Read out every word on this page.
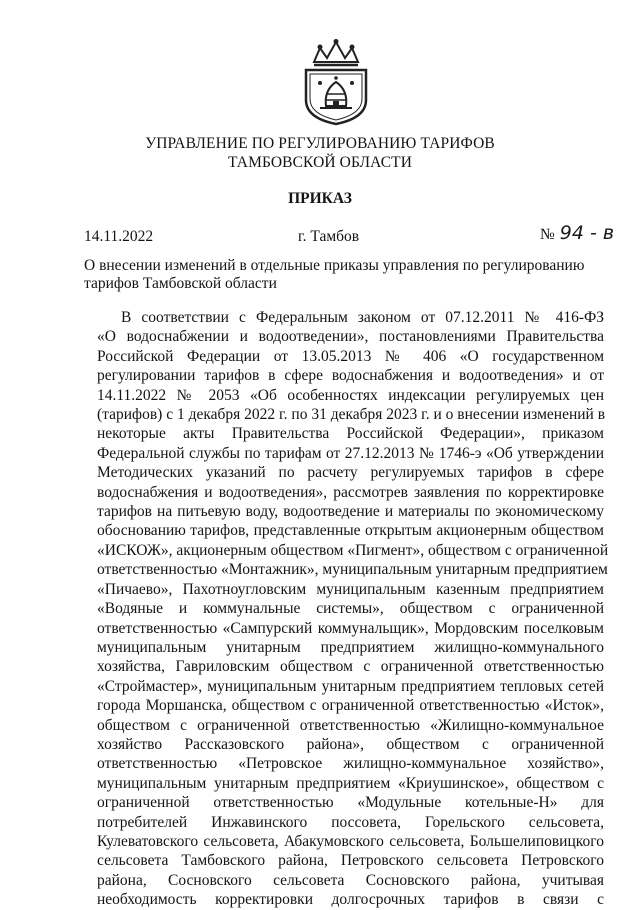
УПРАВЛЕНИЕ ПО РЕГУЛИРОВАНИЮ ТАРИФОВ
ТАМБОВСКОЙ ОБЛАСТИ
ПРИКАЗ
14.11.2022	г. Тамбов	№ 94 - в
О внесении изменений в отдельные приказы управления по регулированию тарифов Тамбовской области
В соответствии с Федеральным законом от 07.12.2011 № 416-ФЗ
«О водоснабжении и водоотведении», постановлениями Правительства
Российской Федерации от 13.05.2013 № 406 «О государственном
регулировании тарифов в сфере водоснабжения и водоотведения» и от
14.11.2022 № 2053 «Об особенностях индексации регулируемых цен
(тарифов) с 1 декабря 2022 г. по 31 декабря 2023 г. и о внесении изменений в
некоторые акты Правительства Российской Федерации», приказом
Федеральной службы по тарифам от 27.12.2013 № 1746-э «Об утверждении
Методических указаний по расчету регулируемых тарифов в сфере
водоснабжения и водоотведения», рассмотрев заявления по корректировке
тарифов на питьевую воду, водоотведение и материалы по экономическому
обоснованию тарифов, представленные открытым акционерным обществом
«ИСКОЖ», акционерным обществом «Пигмент», обществом с ограниченной
ответственностью «Монтажник», муниципальным унитарным предприятием
«Пичаево», Пахотноугловским муниципальным казенным предприятием
«Водяные и коммунальные системы», обществом с ограниченной
ответственностью «Сампурский коммунальщик», Мордовским поселковым
муниципальным унитарным предприятием жилищно-коммунального
хозяйства, Гавриловским обществом с ограниченной ответственностью
«Строймастер», муниципальным унитарным предприятием тепловых сетей
города Моршанска, обществом с ограниченной ответственностью «Исток»,
обществом с ограниченной ответственностью «Жилищно-коммунальное
хозяйство Рассказовского района», обществом с ограниченной
ответственностью «Петровское жилищно-коммунальное хозяйство»,
муниципальным унитарным предприятием «Криушинское», обществом с
ограниченной ответственностью «Модульные котельные-Н» для
потребителей Инжавинского поссовета, Горельского сельсовета,
Кулеватовского сельсовета, Абакумовского сельсовета, Большелиповицкого
сельсовета Тамбовского района, Петровского сельсовета Петровского
района, Сосновского сельсовета Сосновского района, учитывая
необходимость корректировки долгосрочных тарифов в связи с
